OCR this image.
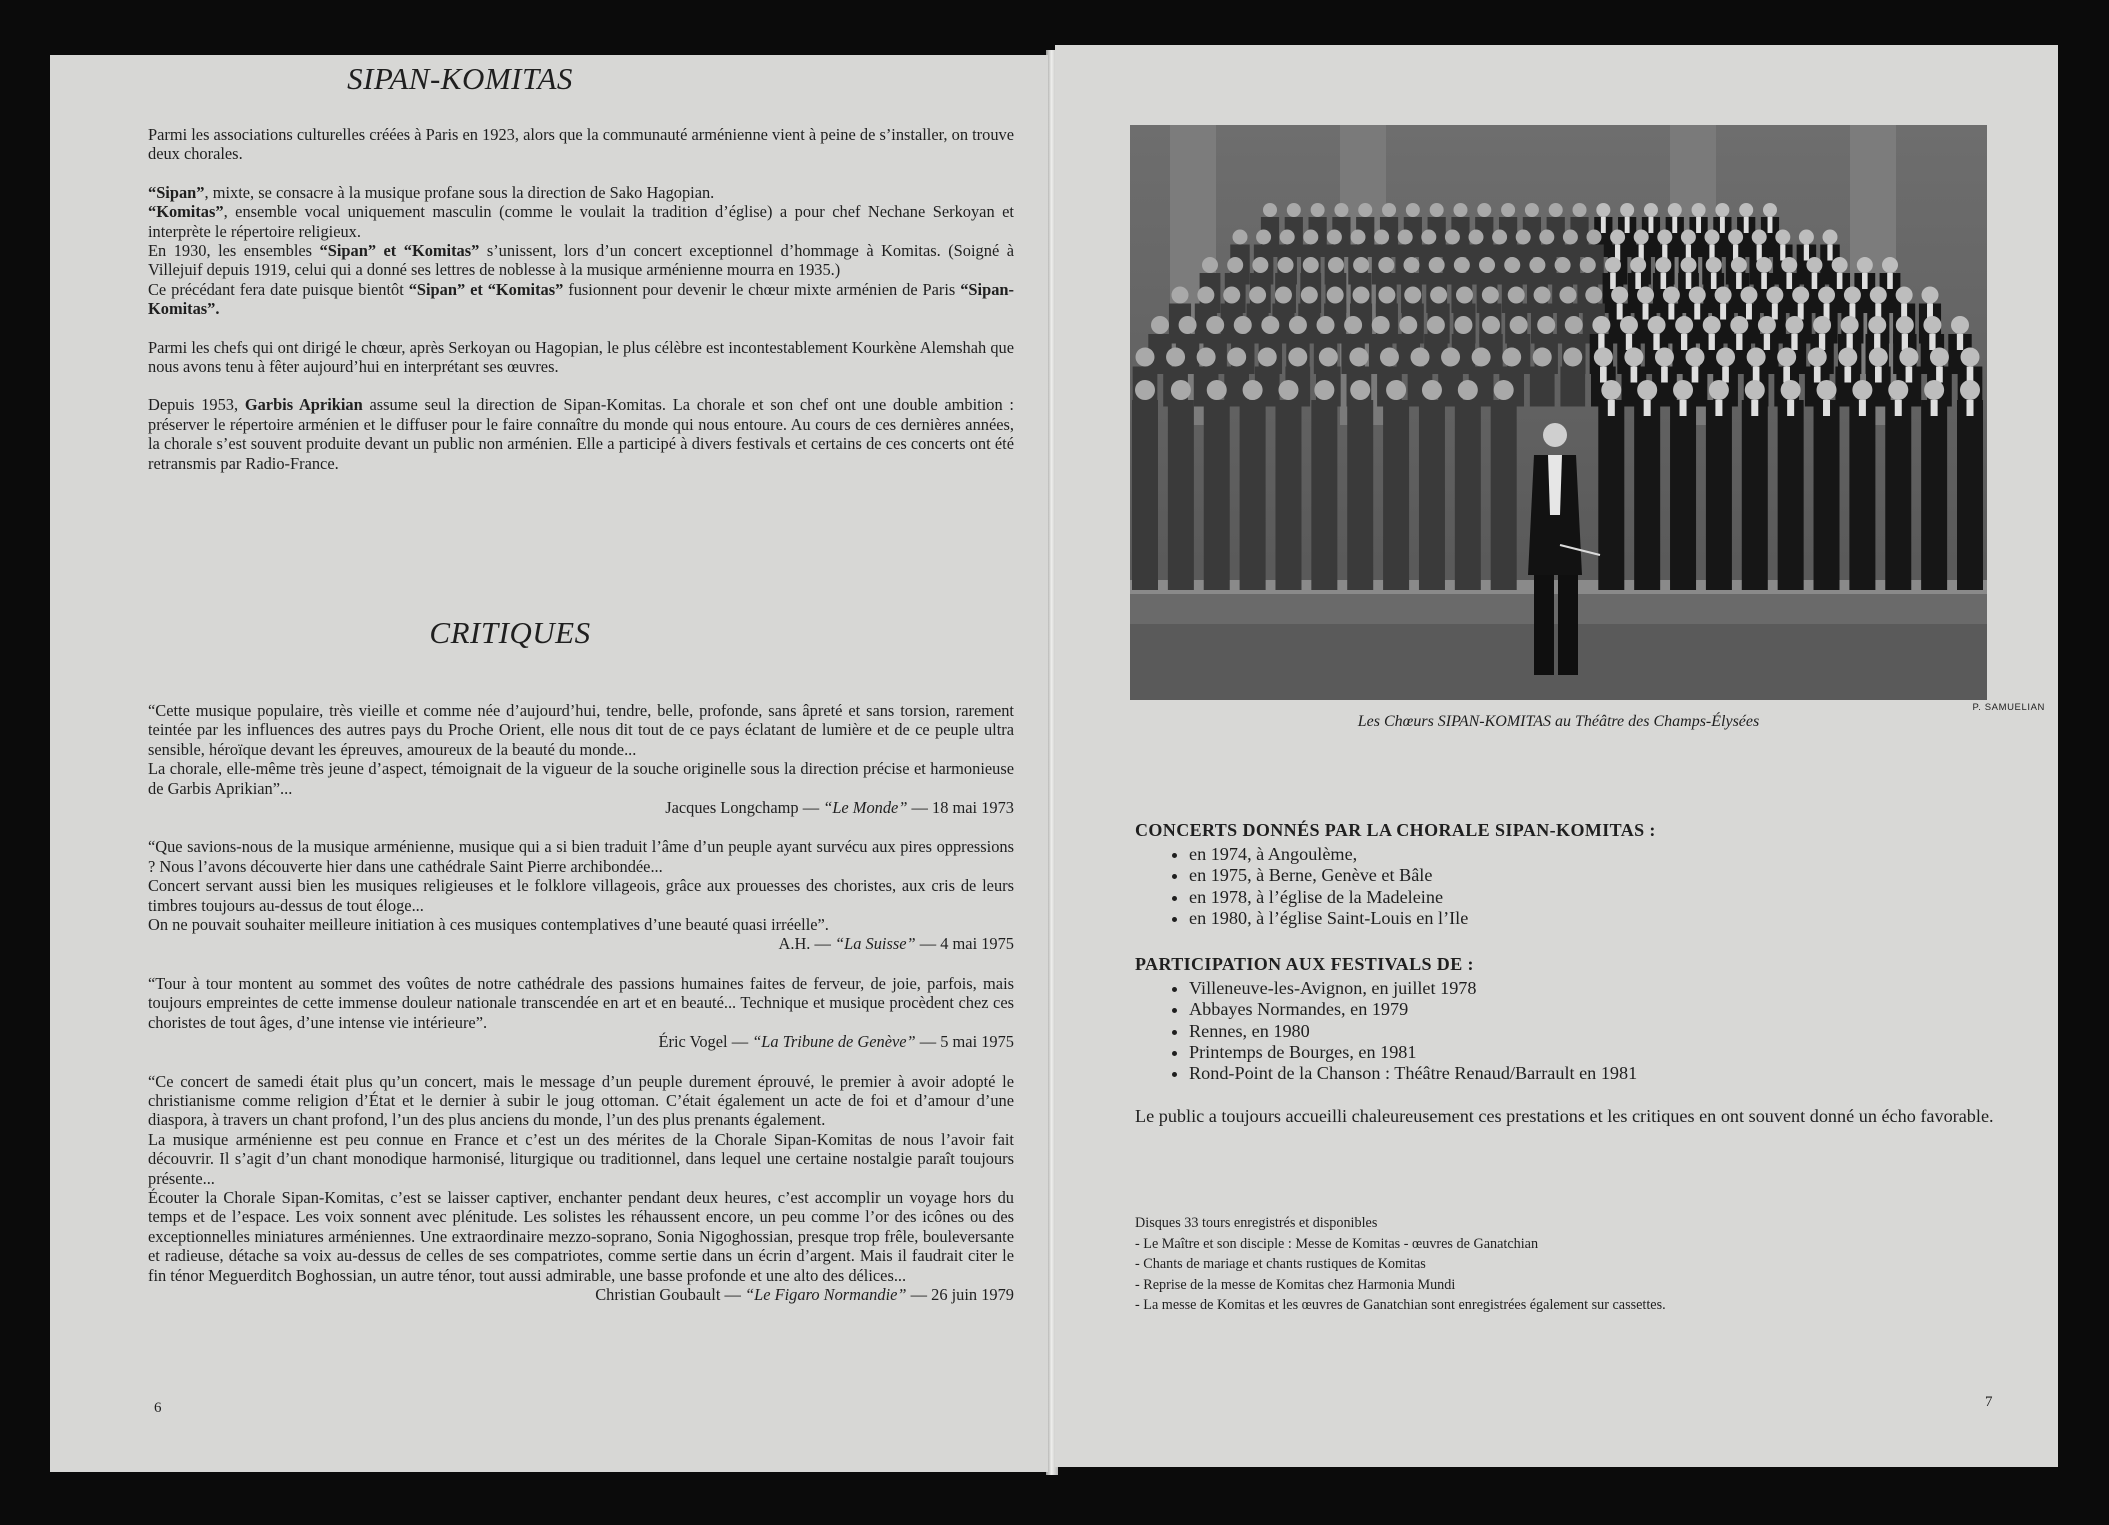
SIPAN-KOMITAS

Parmi les associations culturelles créées à Paris en 1923, alors que la communauté arménienne vient à peine de s’installer, on trouve deux chorales.

“Sipan”, mixte, se consacre à la musique profane sous la direction de Sako Hagopian.
“Komitas”, ensemble vocal uniquement masculin (comme le voulait la tradition d’église) a pour chef Nechane Serkoyan et interprète le répertoire religieux.
En 1930, les ensembles “Sipan” et “Komitas” s’unissent, lors d’un concert exceptionnel d’hommage à Komitas. (Soigné à Villejuif depuis 1919, celui qui a donné ses lettres de noblesse à la musique arménienne mourra en 1935.)
Ce précédant fera date puisque bientôt “Sipan” et “Komitas” fusionnent pour devenir le chœur mixte arménien de Paris “Sipan-Komitas”.

Parmi les chefs qui ont dirigé le chœur, après Serkoyan ou Hagopian, le plus célèbre est incontestablement Kourkène Alemshah que nous avons tenu à fêter aujourd’hui en interprétant ses œuvres.

Depuis 1953, Garbis Aprikian assume seul la direction de Sipan-Komitas. La chorale et son chef ont une double ambition : préserver le répertoire arménien et le diffuser pour le faire connaître du monde qui nous entoure. Au cours de ces dernières années, la chorale s’est souvent produite devant un public non arménien. Elle a participé à divers festivals et certains de ces concerts ont été retransmis par Radio-France.

CRITIQUES
“Cette musique populaire, très vieille et comme née d’aujourd’hui, tendre, belle, profonde, sans âpreté et sans torsion, rarement teintée par les influences des autres pays du Proche Orient, elle nous dit tout de ce pays éclatant de lumière et de ce peuple ultra sensible, héroïque devant les épreuves, amoureux de la beauté du monde...
La chorale, elle-même très jeune d’aspect, témoignait de la vigueur de la souche originelle sous la direction précise et harmonieuse de Garbis Aprikian”...
Jacques Longchamp — “Le Monde” — 18 mai 1973
“Que savions-nous de la musique arménienne, musique qui a si bien traduit l’âme d’un peuple ayant survécu aux pires oppressions ? Nous l’avons découverte hier dans une cathédrale Saint Pierre archibondée...
Concert servant aussi bien les musiques religieuses et le folklore villageois, grâce aux prouesses des choristes, aux cris de leurs timbres toujours au-dessus de tout éloge...
On ne pouvait souhaiter meilleure initiation à ces musiques contemplatives d’une beauté quasi irréelle”.
A.H. — “La Suisse” — 4 mai 1975
“Tour à tour montent au sommet des voûtes de notre cathédrale des passions humaines faites de ferveur, de joie, parfois, mais toujours empreintes de cette immense douleur nationale transcendée en art et en beauté... Technique et musique procèdent chez ces choristes de tout âges, d’une intense vie intérieure”.
Éric Vogel — “La Tribune de Genève” — 5 mai 1975
“Ce concert de samedi était plus qu’un concert, mais le message d’un peuple durement éprouvé, le premier à avoir adopté le christianisme comme religion d’État et le dernier à subir le joug ottoman. C’était également un acte de foi et d’amour d’une diaspora, à travers un chant profond, l’un des plus anciens du monde, l’un des plus prenants également.
La musique arménienne est peu connue en France et c’est un des mérites de la Chorale Sipan-Komitas de nous l’avoir fait découvrir. Il s’agit d’un chant monodique harmonisé, liturgique ou traditionnel, dans lequel une certaine nostalgie paraît toujours présente...
Écouter la Chorale Sipan-Komitas, c’est se laisser captiver, enchanter pendant deux heures, c’est accomplir un voyage hors du temps et de l’espace. Les voix sonnent avec plénitude. Les solistes les réhaussent encore, un peu comme l’or des icônes ou des exceptionnelles miniatures arméniennes. Une extraordinaire mezzo-soprano, Sonia Nigoghossian, presque trop frêle, bouleversante et radieuse, détache sa voix au-dessus de celles de ses compatriotes, comme sertie dans un écrin d’argent. Mais il faudrait citer le fin ténor Meguerditch Boghossian, un autre ténor, tout aussi admirable, une basse profonde et une alto des délices...
Christian Goubault — “Le Figaro Normandie” — 26 juin 1979
6
P. SAMUELIAN
Les Chœurs SIPAN-KOMITAS au Théâtre des Champs-Élysées
CONCERTS DONNÉS PAR LA CHORALE SIPAN-KOMITAS :
• en 1974, à Angoulème,
• en 1975, à Berne, Genève et Bâle
• en 1978, à l’église de la Madeleine
• en 1980, à l’église Saint-Louis en l’Ile
PARTICIPATION AUX FESTIVALS DE :
• Villeneuve-les-Avignon, en juillet 1978
• Abbayes Normandes, en 1979
• Rennes, en 1980
• Printemps de Bourges, en 1981
• Rond-Point de la Chanson : Théâtre Renaud/Barrault en 1981

Le public a toujours accueilli chaleureusement ces prestations et les critiques en ont souvent donné un écho favorable.

Disques 33 tours enregistrés et disponibles
- Le Maître et son disciple : Messe de Komitas - œuvres de Ganatchian
- Chants de mariage et chants rustiques de Komitas
- Reprise de la messe de Komitas chez Harmonia Mundi
- La messe de Komitas et les œuvres de Ganatchian sont enregistrées également sur cassettes.
7
